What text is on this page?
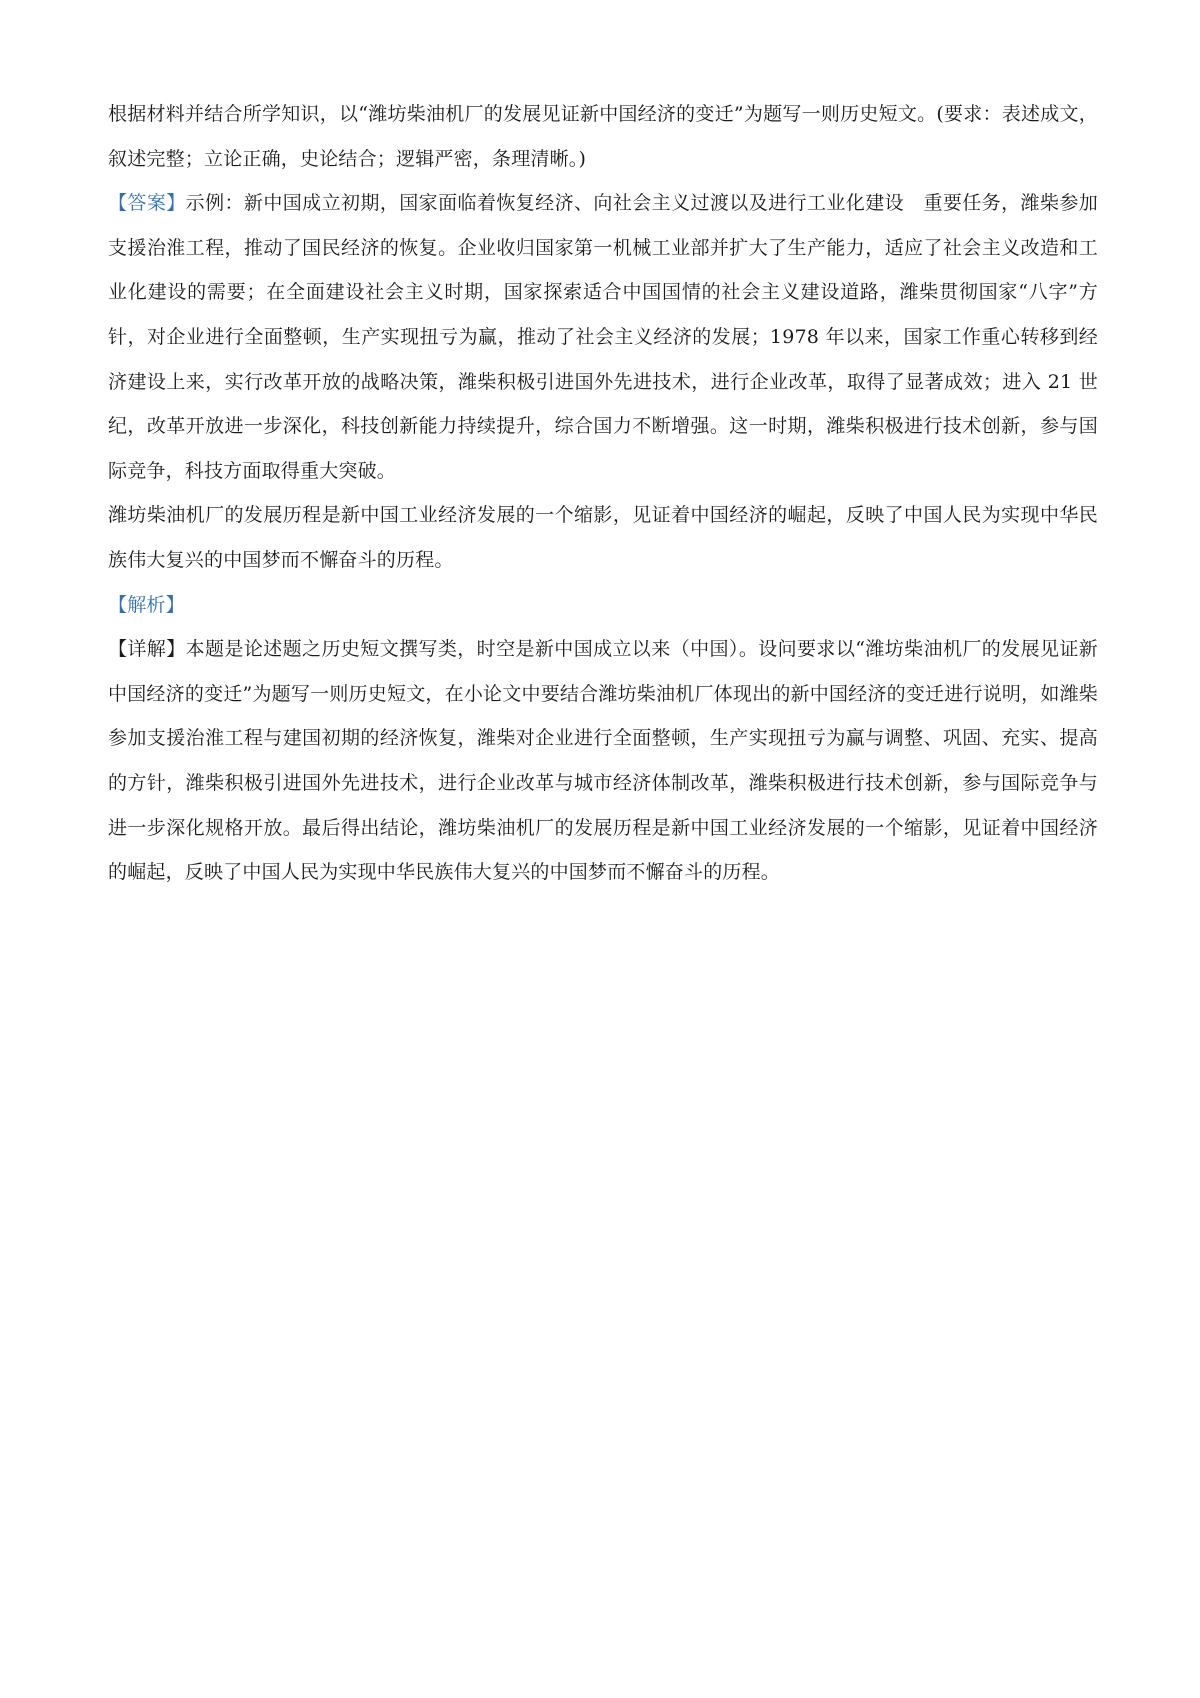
根据材料并结合所学知识，以“潍坊柴油机厂的发展见证新中国经济的变迁”为题写一则历史短文。(要求：表述成文，叙述完整；立论正确，史论结合；逻辑严密，条理清晰。)

【答案】示例：新中国成立初期，国家面临着恢复经济、向社会主义过渡以及进行工业化建设　重要任务，潍柴参加支援治淮工程，推动了国民经济的恢复。企业收归国家第一机械工业部并扩大了生产能力，适应了社会主义改造和工业化建设的需要；在全面建设社会主义时期，国家探索适合中国国情的社会主义建设道路，潍柴贯彻国家“八字”方针，对企业进行全面整顿，生产实现扭亏为赢，推动了社会主义经济的发展；1978 年以来，国家工作重心转移到经济建设上来，实行改革开放的战略决策，潍柴积极引进国外先进技术，进行企业改革，取得了显著成效；进入 21 世纪，改革开放进一步深化，科技创新能力持续提升，综合国力不断增强。这一时期，潍柴积极进行技术创新，参与国际竞争，科技方面取得重大突破。

潍坊柴油机厂的发展历程是新中国工业经济发展的一个缩影，见证着中国经济的崛起，反映了中国人民为实现中华民族伟大复兴的中国梦而不懈奋斗的历程。

【解析】

【详解】本题是论述题之历史短文撰写类，时空是新中国成立以来（中国）。设问要求以“潍坊柴油机厂的发展见证新中国经济的变迁”为题写一则历史短文，在小论文中要结合潍坊柴油机厂体现出的新中国经济的变迁进行说明，如潍柴参加支援治淮工程与建国初期的经济恢复，潍柴对企业进行全面整顿，生产实现扭亏为赢与调整、巩固、充实、提高的方针，潍柴积极引进国外先进技术，进行企业改革与城市经济体制改革，潍柴积极进行技术创新，参与国际竞争与进一步深化规格开放。最后得出结论，潍坊柴油机厂的发展历程是新中国工业经济发展的一个缩影，见证着中国经济的崛起，反映了中国人民为实现中华民族伟大复兴的中国梦而不懈奋斗的历程。
